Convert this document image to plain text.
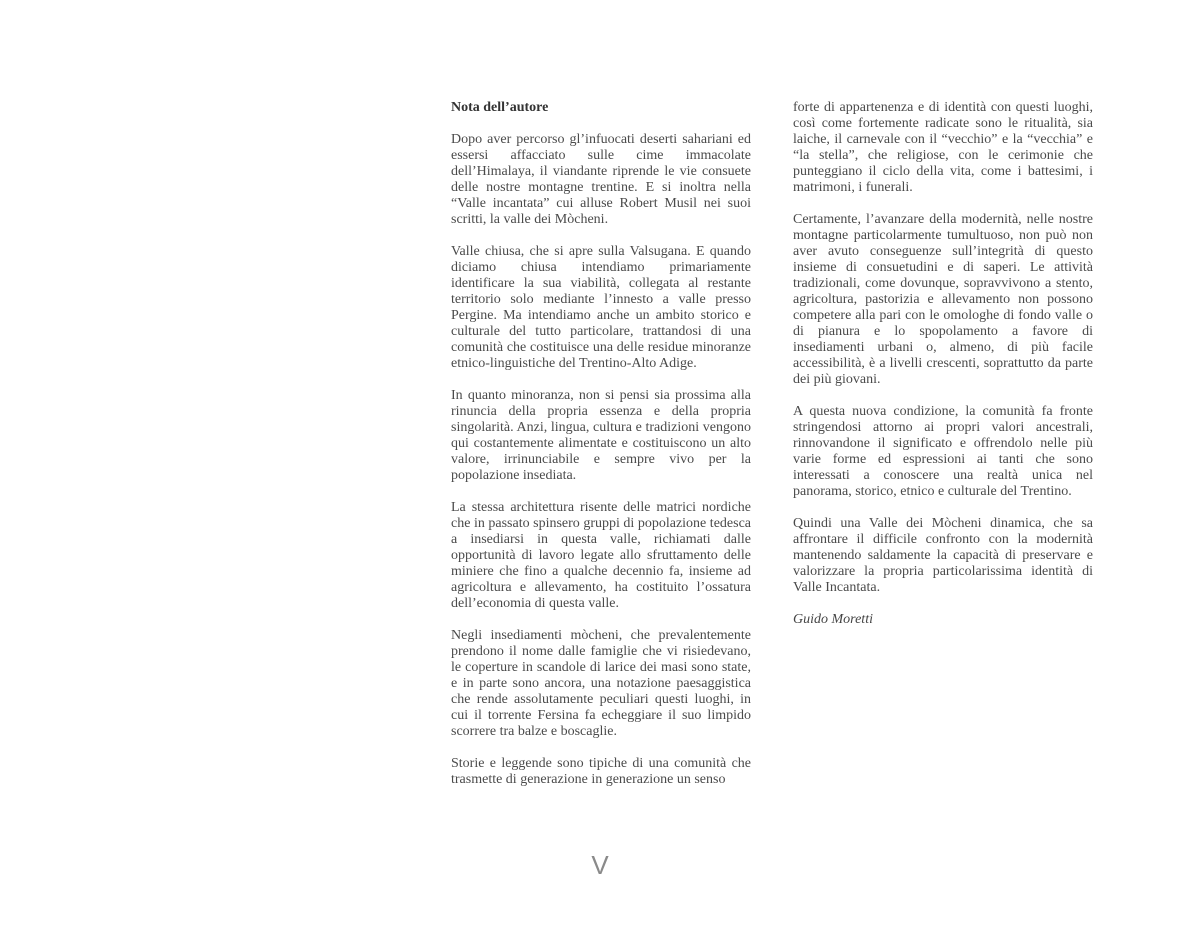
Nota dell’autore

Dopo aver percorso gl’infuocati deserti sahariani ed essersi affacciato sulle cime immacolate dell’Himalaya, il viandante riprende le vie consuete delle nostre montagne trentine. E si inoltra nella “Valle incantata” cui alluse Robert Musil nei suoi scritti, la valle dei Mòcheni.

Valle chiusa, che si apre sulla Valsugana. E quando diciamo chiusa intendiamo primariamente identificare la sua viabilità, collegata al restante territorio solo mediante l’innesto a valle presso Pergine. Ma intendiamo anche un ambito storico e culturale del tutto particolare, trattandosi di una comunità che costituisce una delle residue minoranze etnico-linguistiche del Trentino-Alto Adige.

In quanto minoranza, non si pensi sia prossima alla rinuncia della propria essenza e della propria singolarità. Anzi, lingua, cultura e tradizioni vengono qui costantemente alimentate e costituiscono un alto valore, irrinunciabile e sempre vivo per la popolazione insediata.

La stessa architettura risente delle matrici nordiche che in passato spinsero gruppi di popolazione tedesca a insediarsi in questa valle, richiamati dalle opportunità di lavoro legate allo sfruttamento delle miniere che fino a qualche decennio fa, insieme ad agricoltura e allevamento, ha costituito l’ossatura dell’economia di questa valle.

Negli insediamenti mòcheni, che prevalentemente prendono il nome dalle famiglie che vi risiedevano, le coperture in scandole di larice dei masi sono state, e in parte sono ancora, una notazione paesaggistica che rende assolutamente peculiari questi luoghi, in cui il torrente Fersina fa echeggiare il suo limpido scorrere tra balze e boscaglie.

Storie e leggende sono tipiche di una comunità che trasmette di generazione in generazione un senso

forte di appartenenza e di identità con questi luoghi, così come fortemente radicate sono le ritualità, sia laiche, il carnevale con il “vecchio” e la “vecchia” e “la stella”, che religiose, con le cerimonie che punteggiano il ciclo della vita, come i battesimi, i matrimoni, i funerali.

Certamente, l’avanzare della modernità, nelle nostre montagne particolarmente tumultuoso, non può non aver avuto conseguenze sull’integrità di questo insieme di consuetudini e di saperi. Le attività tradizionali, come dovunque, sopravvivono a stento, agricoltura, pastorizia e allevamento non possono competere alla pari con le omologhe di fondo valle o di pianura e lo spopolamento a favore di insediamenti urbani o, almeno, di più facile accessibilità, è a livelli crescenti, soprattutto da parte dei più giovani.

A questa nuova condizione, la comunità fa fronte stringendosi attorno ai propri valori ancestrali, rinnovandone il significato e offrendolo nelle più varie forme ed espressioni ai tanti che sono interessati a conoscere una realtà unica nel panorama, storico, etnico e culturale del Trentino.

Quindi una Valle dei Mòcheni dinamica, che sa affrontare il difficile confronto con la modernità mantenendo saldamente la capacità di preservare e valorizzare la propria particolarissima identità di Valle Incantata.

Guido Moretti

V
